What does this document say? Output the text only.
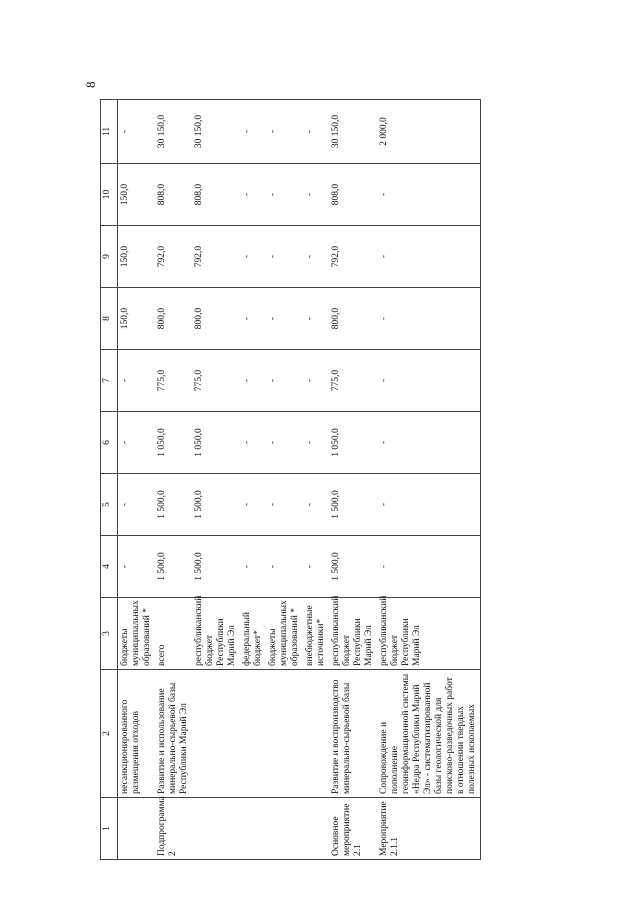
8
1	2	3	4	5	6	7	8	9	10	11
	несанкционированного размещения отходов	бюджеты муниципальных образований *	-	-	-	-	150,0	150,0	150,0	-
Подпрограмма 2	Развитие и использование минерально-сырьевой базы Республики Марий Эл	всего	1 500,0	1 500,0	1 050,0	775,0	800,0	792,0	808,0	30 150,0
		республиканский бюджет Республики Марий Эл	1 500,0	1 500,0	1 050,0	775,0	800,0	792,0	808,0	30 150,0
		федеральный бюджет*	-	-	-	-	-	-	-	-
		бюджеты муниципальных образований *	-	-	-	-	-	-	-	-
		внебюджетные источники*	-	-	-	-	-	-	-	-
Основное мероприятие 2.1	Развитие и воспроизводство минерально-сырьевой базы	республиканский бюджет Республики Марий Эл	1 500,0	1 500,0	1 050,0	775,0	800,0	792,0	808,0	30 150,0
Мероприятие 2.1.1	Сопровождение и пополнение геоинформационной системы «Недра Республики Марий Эл» - систематизированной базы геологической для поисково-разведочных работ в отношении твердых полезных ископаемых	республиканский бюджет Республики Марий Эл	-	-	-	-	-	-	-	2 000,0
